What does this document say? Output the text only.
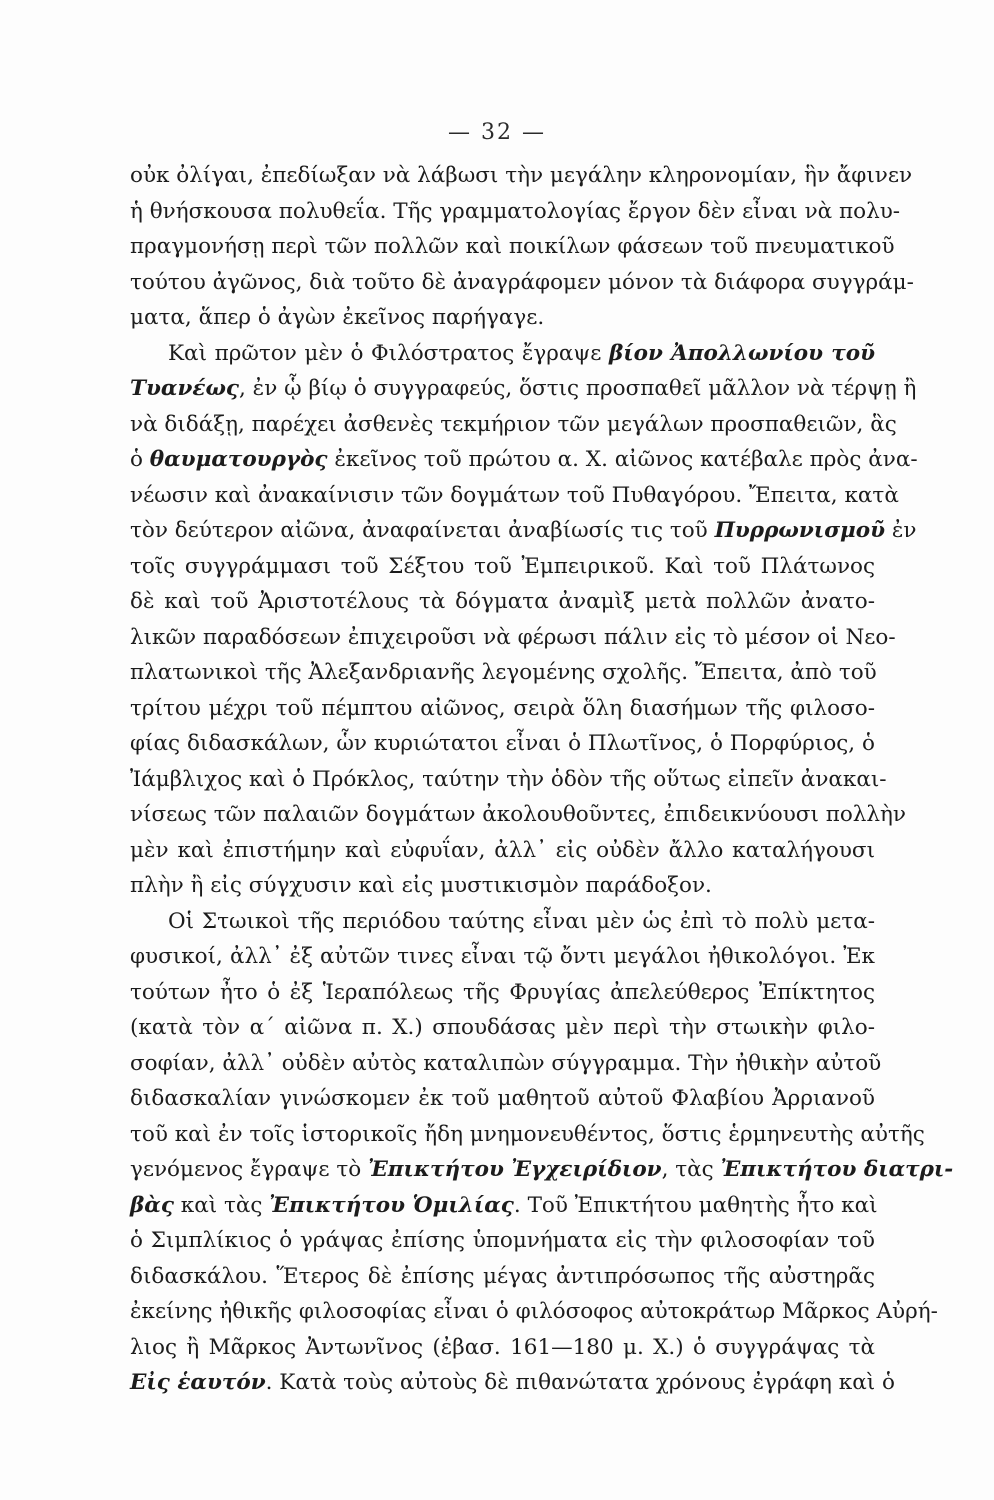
— 32 —
οὐκ ὀλίγαι, ἐπεδίωξαν νὰ λάβωσι τὴν μεγάλην κληρονομίαν, ἣν ἄφινεν
ἡ θνήσκουσα πολυθεΐα. Τῆς γραμματολογίας ἔργον δὲν εἶναι νὰ πολυ-
πραγμονήσῃ περὶ τῶν πολλῶν καὶ ποικίλων φάσεων τοῦ πνευματικοῦ
τούτου ἀγῶνος, διὰ τοῦτο δὲ ἀναγράφομεν μόνον τὰ διάφορα συγγράμ-
ματα, ἅπερ ὁ ἀγὼν ἐκεῖνος παρήγαγε.
Καὶ πρῶτον μὲν ὁ Φιλόστρατος ἔγραψε βίον Ἀπολλωνίου τοῦ
Τυανέως, ἐν ᾧ βίῳ ὁ συγγραφεύς, ὅστις προσπαθεῖ μᾶλλον νὰ τέρψῃ ἢ
νὰ διδάξῃ, παρέχει ἀσθενὲς τεκμήριον τῶν μεγάλων προσπαθειῶν, ἃς
ὁ θαυματουργὸς ἐκεῖνος τοῦ πρώτου α. Χ. αἰῶνος κατέβαλε πρὸς ἀνα-
νέωσιν καὶ ἀνακαίνισιν τῶν δογμάτων τοῦ Πυθαγόρου. Ἔπειτα, κατὰ
τὸν δεύτερον αἰῶνα, ἀναφαίνεται ἀναβίωσίς τις τοῦ Πυρρωνισμοῦ ἐν
τοῖς συγγράμμασι τοῦ Σέξτου τοῦ Ἐμπειρικοῦ. Καὶ τοῦ Πλάτωνος
δὲ καὶ τοῦ Ἀριστοτέλους τὰ δόγματα ἀναμὶξ μετὰ πολλῶν ἀνατο-
λικῶν παραδόσεων ἐπιχειροῦσι νὰ φέρωσι πάλιν εἰς τὸ μέσον οἱ Νεο-
πλατωνικοὶ τῆς Ἀλεξανδριανῆς λεγομένης σχολῆς. Ἔπειτα, ἀπὸ τοῦ
τρίτου μέχρι τοῦ πέμπτου αἰῶνος, σειρὰ ὅλη διασήμων τῆς φιλοσο-
φίας διδασκάλων, ὧν κυριώτατοι εἶναι ὁ Πλωτῖνος, ὁ Πορφύριος, ὁ
Ἰάμβλιχος καὶ ὁ Πρόκλος, ταύτην τὴν ὁδὸν τῆς οὕτως εἰπεῖν ἀνακαι-
νίσεως τῶν παλαιῶν δογμάτων ἀκολουθοῦντες, ἐπιδεικνύουσι πολλὴν
μὲν καὶ ἐπιστήμην καὶ εὐφυΐαν, ἀλλ᾽ εἰς οὐδὲν ἄλλο καταλήγουσι
πλὴν ἢ εἰς σύγχυσιν καὶ εἰς μυστικισμὸν παράδοξον.
Οἱ Στωικοὶ τῆς περιόδου ταύτης εἶναι μὲν ὡς ἐπὶ τὸ πολὺ μετα-
φυσικοί, ἀλλ᾽ ἐξ αὐτῶν τινες εἶναι τῷ ὄντι μεγάλοι ἠθικολόγοι. Ἐκ
τούτων ἦτο ὁ ἐξ Ἱεραπόλεως τῆς Φρυγίας ἀπελεύθερος Ἐπίκτητος
(κατὰ τὸν α´ αἰῶνα π. Χ.) σπουδάσας μὲν περὶ τὴν στωικὴν φιλο-
σοφίαν, ἀλλ᾽ οὐδὲν αὐτὸς καταλιπὼν σύγγραμμα. Τὴν ἠθικὴν αὐτοῦ
διδασκαλίαν γινώσκομεν ἐκ τοῦ μαθητοῦ αὐτοῦ Φλαβίου Ἀρριανοῦ
τοῦ καὶ ἐν τοῖς ἱστορικοῖς ἤδη μνημονευθέντος, ὅστις ἑρμηνευτὴς αὐτῆς
γενόμενος ἔγραψε τὸ Ἐπικτήτου Ἐγχειρίδιον, τὰς Ἐπικτήτου διατρι-
βὰς καὶ τὰς Ἐπικτήτου Ὁμιλίας. Τοῦ Ἐπικτήτου μαθητὴς ἦτο καὶ
ὁ Σιμπλίκιος ὁ γράψας ἐπίσης ὑπομνήματα εἰς τὴν φιλοσοφίαν τοῦ
διδασκάλου. Ἕτερος δὲ ἐπίσης μέγας ἀντιπρόσωπος τῆς αὐστηρᾶς
ἐκείνης ἠθικῆς φιλοσοφίας εἶναι ὁ φιλόσοφος αὐτοκράτωρ Μᾶρκος Αὐρή-
λιος ἢ Μᾶρκος Ἀντωνῖνος (ἐβασ. 161—180 μ. Χ.) ὁ συγγράψας τὰ
Εἰς ἑαυτόν. Κατὰ τοὺς αὐτοὺς δὲ πιθανώτατα χρόνους ἐγράφη καὶ ὁ
